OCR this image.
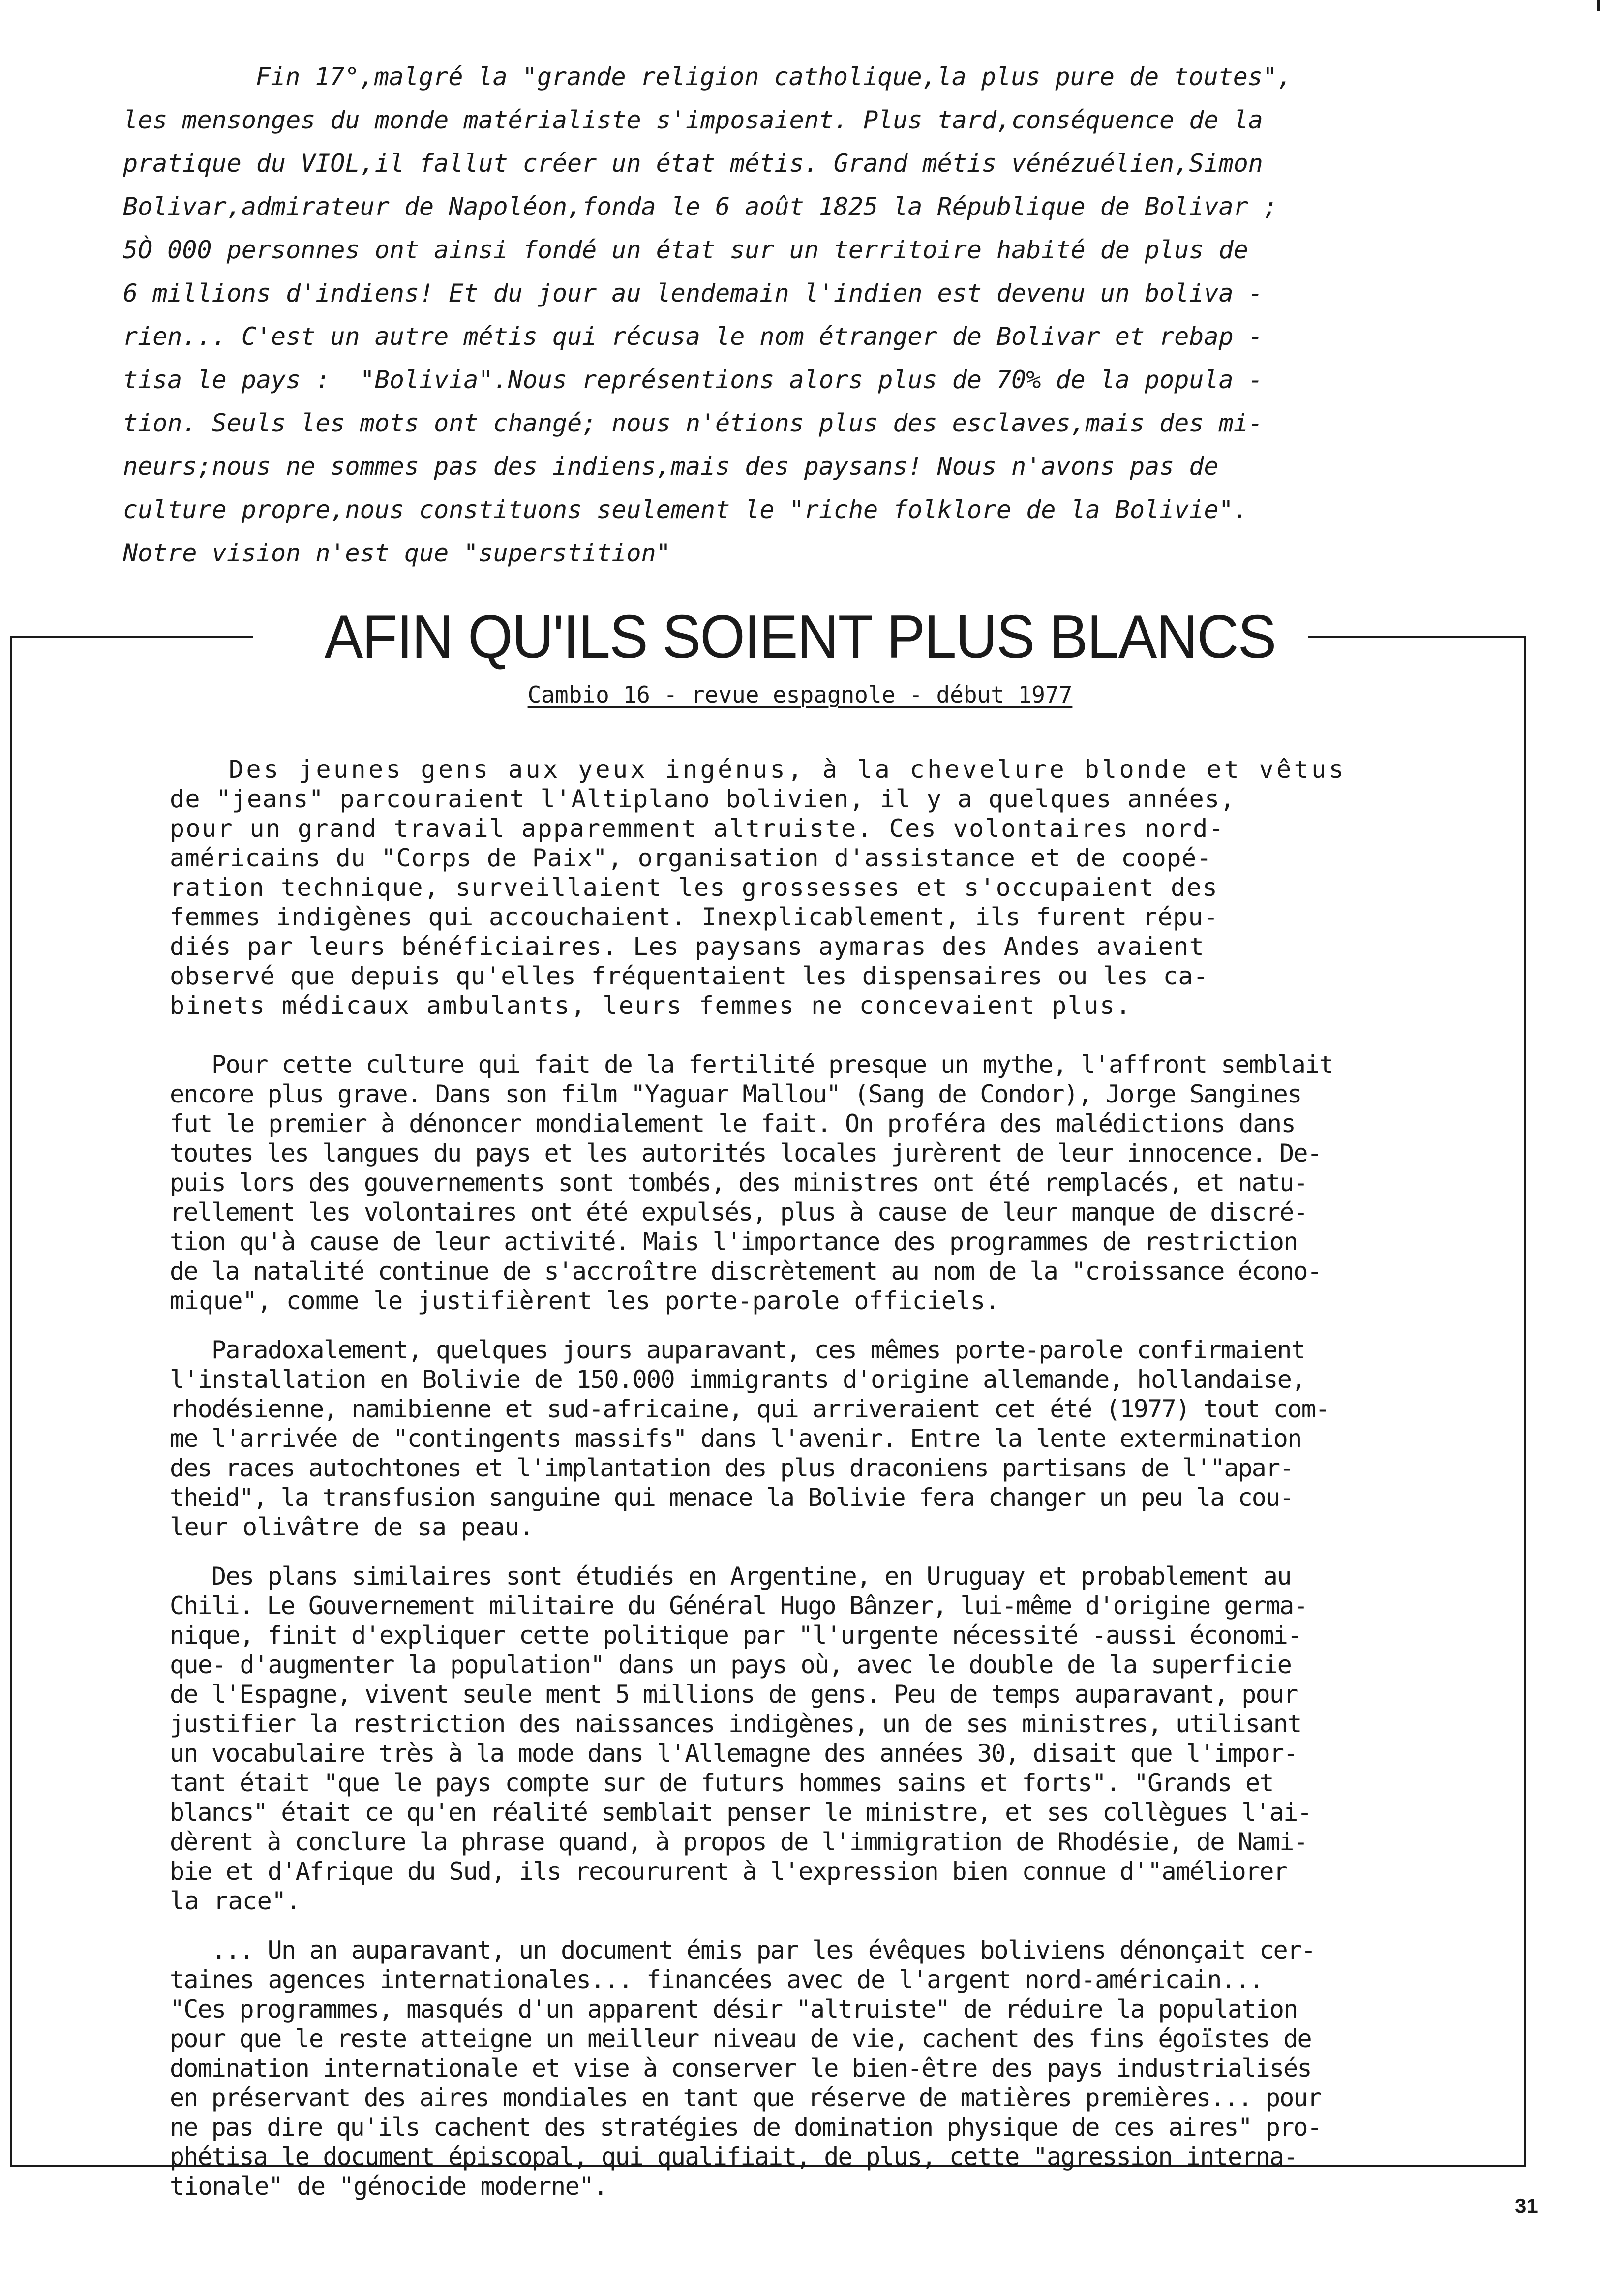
Fin 17°,malgré la "grande religion catholique,la plus pure de toutes",

les mensonges du monde matérialiste s'imposaient. Plus tard,conséquence de la

pratique du VIOL,il fallut créer un état métis. Grand métis vénézuélien,Simon

Bolivar,admirateur de Napoléon,fonda le 6 août 1825 la République de Bolivar ;

5Ò 000 personnes ont ainsi fondé un état sur un territoire habité de plus de

6 millions d'indiens! Et du jour au lendemain l'indien est devenu un boliva -

rien... C'est un autre métis qui récusa le nom étranger de Bolivar et rebap -

tisa le pays :  "Bolivia".Nous représentions alors plus de 70% de la popula -

tion. Seuls les mots ont changé; nous n'étions plus des esclaves,mais des mi-

neurs;nous ne sommes pas des indiens,mais des paysans! Nous n'avons pas de

culture propre,nous constituons seulement le "riche folklore de la Bolivie".

Notre vision n'est que "superstition"

AFIN QU'ILS SOIENT PLUS BLANCS

Cambio 16 - revue espagnole - début 1977

Des jeunes gens aux yeux ingénus, à la chevelure blonde et vêtus

de "jeans" parcouraient l'Altiplano bolivien, il y a quelques années,

pour un grand travail apparemment altruiste. Ces volontaires nord-

américains du "Corps de Paix", organisation d'assistance et de coopé-

ration technique, surveillaient les grossesses et s'occupaient des

femmes indigènes qui accouchaient. Inexplicablement, ils furent répu-

diés par leurs bénéficiaires. Les paysans aymaras des Andes avaient

observé que depuis qu'elles fréquentaient les dispensaires ou les ca-

binets médicaux ambulants, leurs femmes ne concevaient plus.

Pour cette culture qui fait de la fertilité presque un mythe, l'affront semblait

encore plus grave. Dans son film "Yaguar Mallou" (Sang de Condor), Jorge Sangines

fut le premier à dénoncer mondialement le fait. On proféra des malédictions dans

toutes les langues du pays et les autorités locales jurèrent de leur innocence. De-

puis lors des gouvernements sont tombés, des ministres ont été remplacés, et natu-

rellement les volontaires ont été expulsés, plus à cause de leur manque de discré-

tion qu'à cause de leur activité. Mais l'importance des programmes de restriction

de la natalité continue de s'accroître discrètement au nom de la "croissance écono-

mique", comme le justifièrent les porte-parole officiels.

Paradoxalement, quelques jours auparavant, ces mêmes porte-parole confirmaient

l'installation en Bolivie de 150.000 immigrants d'origine allemande, hollandaise,

rhodésienne, namibienne et sud-africaine, qui arriveraient cet été (1977) tout com-

me l'arrivée de "contingents massifs" dans l'avenir. Entre la lente extermination

des races autochtones et l'implantation des plus draconiens partisans de l'"apar-

theid", la transfusion sanguine qui menace la Bolivie fera changer un peu la cou-

leur olivâtre de sa peau.

Des plans similaires sont étudiés en Argentine, en Uruguay et probablement au

Chili. Le Gouvernement militaire du Général Hugo Bânzer, lui-même d'origine germa-

nique, finit d'expliquer cette politique par "l'urgente nécessité -aussi économi-

que- d'augmenter la population" dans un pays où, avec le double de la superficie

de l'Espagne, vivent seule ment 5 millions de gens. Peu de temps auparavant, pour

justifier la restriction des naissances indigènes, un de ses ministres, utilisant

un vocabulaire très à la mode dans l'Allemagne des années 30, disait que l'impor-

tant était "que le pays compte sur de futurs hommes sains et forts". "Grands et

blancs" était ce qu'en réalité semblait penser le ministre, et ses collègues l'ai-

dèrent à conclure la phrase quand, à propos de l'immigration de Rhodésie, de Nami-

bie et d'Afrique du Sud, ils recoururent à l'expression bien connue d'"améliorer

la race".

... Un an auparavant, un document émis par les évêques boliviens dénonçait cer-

taines agences internationales... financées avec de l'argent nord-américain...

"Ces programmes, masqués d'un apparent désir "altruiste" de réduire la population

pour que le reste atteigne un meilleur niveau de vie, cachent des fins égoïstes de

domination internationale et vise à conserver le bien-être des pays industrialisés

en préservant des aires mondiales en tant que réserve de matières premières... pour

ne pas dire qu'ils cachent des stratégies de domination physique de ces aires" pro-

phétisa le document épiscopal, qui qualifiait, de plus, cette "agression interna-

tionale" de "génocide moderne".

31
